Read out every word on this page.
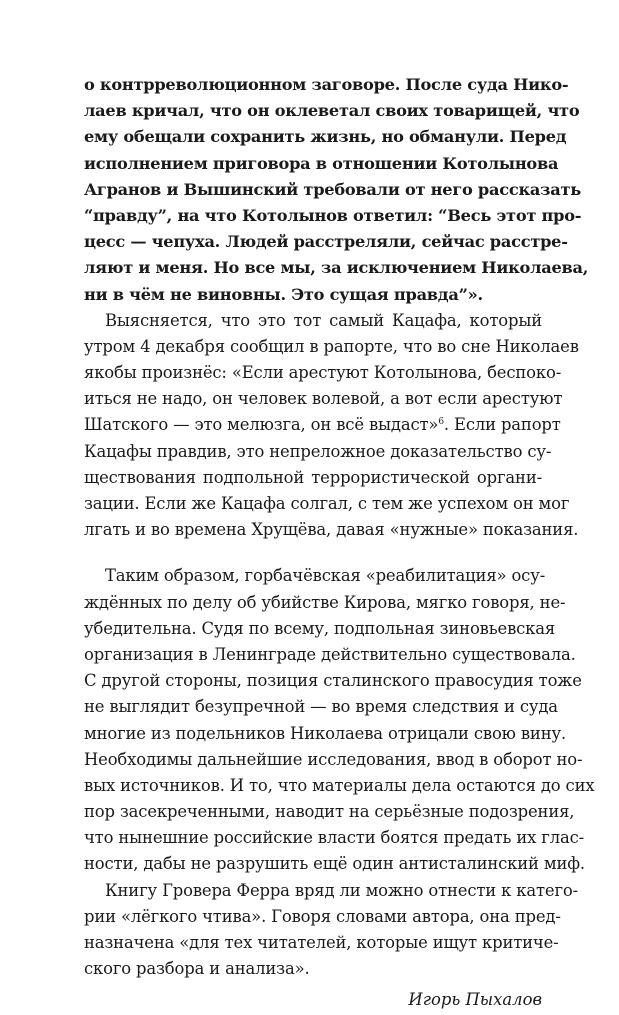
о контрреволюционном заговоре. После суда Нико-
лаев кричал, что он оклеветал своих товарищей, что
ему обещали сохранить жизнь, но обманули. Перед
исполнением приговора в отношении Котолынова
Агранов и Вышинский требовали от него рассказать
“правду”, на что Котолынов ответил: “Весь этот про-
цесс — чепуха. Людей расстреляли, сейчас расстре-
ляют и меня. Но все мы, за исключением Николаева,
ни в чём не виновны. Это сущая правда”».
Выясняется, что это тот самый Кацафа, который
утром 4 декабря сообщил в рапорте, что во сне Николаев
якобы произнёс: «Если арестуют Котолынова, беспоко-
иться не надо, он человек волевой, а вот если арестуют
Шатского — это мелюзга, он всё выдаст»$^6$. Если рапорт
Кацафы правдив, это непреложное доказательство су-
ществования подпольной террористической органи-
зации. Если же Кацафа солгал, с тем же успехом он мог
лгать и во времена Хрущёва, давая «нужные» показания.
Таким образом, горбачёвская «реабилитация» осу-
ждённых по делу об убийстве Кирова, мягко говоря, не-
убедительна. Судя по всему, подпольная зиновьевская
организация в Ленинграде действительно существовала.
С другой стороны, позиция сталинского правосудия тоже
не выглядит безупречной — во время следствия и суда
многие из подельников Николаева отрицали свою вину.
Необходимы дальнейшие исследования, ввод в оборот но-
вых источников. И то, что материалы дела остаются до сих
пор засекреченными, наводит на серьёзные подозрения,
что нынешние российские власти боятся предать их глас-
ности, дабы не разрушить ещё один антисталинский миф.
Книгу Гровера Ферра вряд ли можно отнести к катего-
рии «лёгкого чтива». Говоря словами автора, она пред-
назначена «для тех читателей, которые ищут критиче-
ского разбора и анализа».
Игорь Пыхалов
